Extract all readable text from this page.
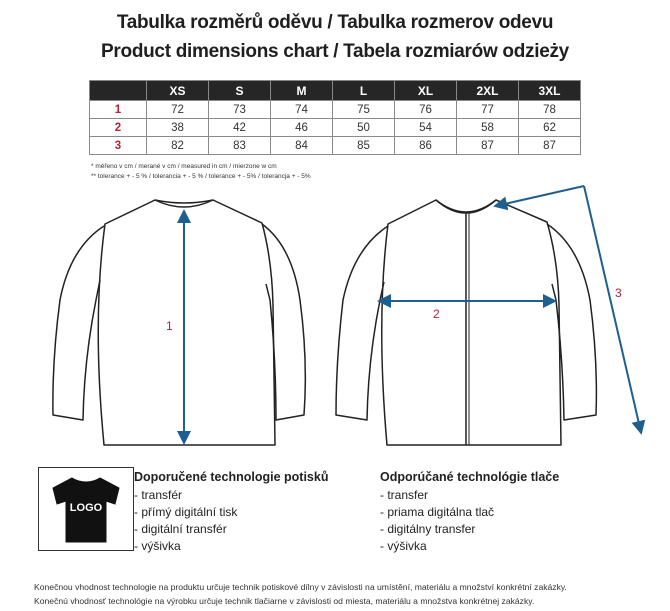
Tabulka rozměrů oděvu / Tabulka rozmerov odevu
Product dimensions chart / Tabela rozmiarów odzieży
	XS	S	M	L	XL	2XL	3XL
1	72	73	74	75	76	77	78
2	38	42	46	50	54	58	62
3	82	83	84	85	86	87	87
* měřeno v cm / merané v cm / measured in cm / mierzone w cm
** tolerance + - 5 % / tolerancia + - 5 % / tolerance + - 5% / tolerancja + - 5%
1
2
3
LOGO
Doporučené technologie potisků
- transfér
- přímý digitální tisk
- digitální transfér
- výšivka
Odporúčané technológie tlače
- transfer
- priama digitálna tlač
- digitálny transfer
- výšivka
Konečnou vhodnost technologie na produktu určuje technik potiskové dílny v závislosti na umístění, materiálu a množství konkrétní zakázky.
Konečnú vhodnosť technológie na výrobku určuje technik tlačiarne v závislosti od miesta, materiálu a množstva konkrétnej zakázky.
